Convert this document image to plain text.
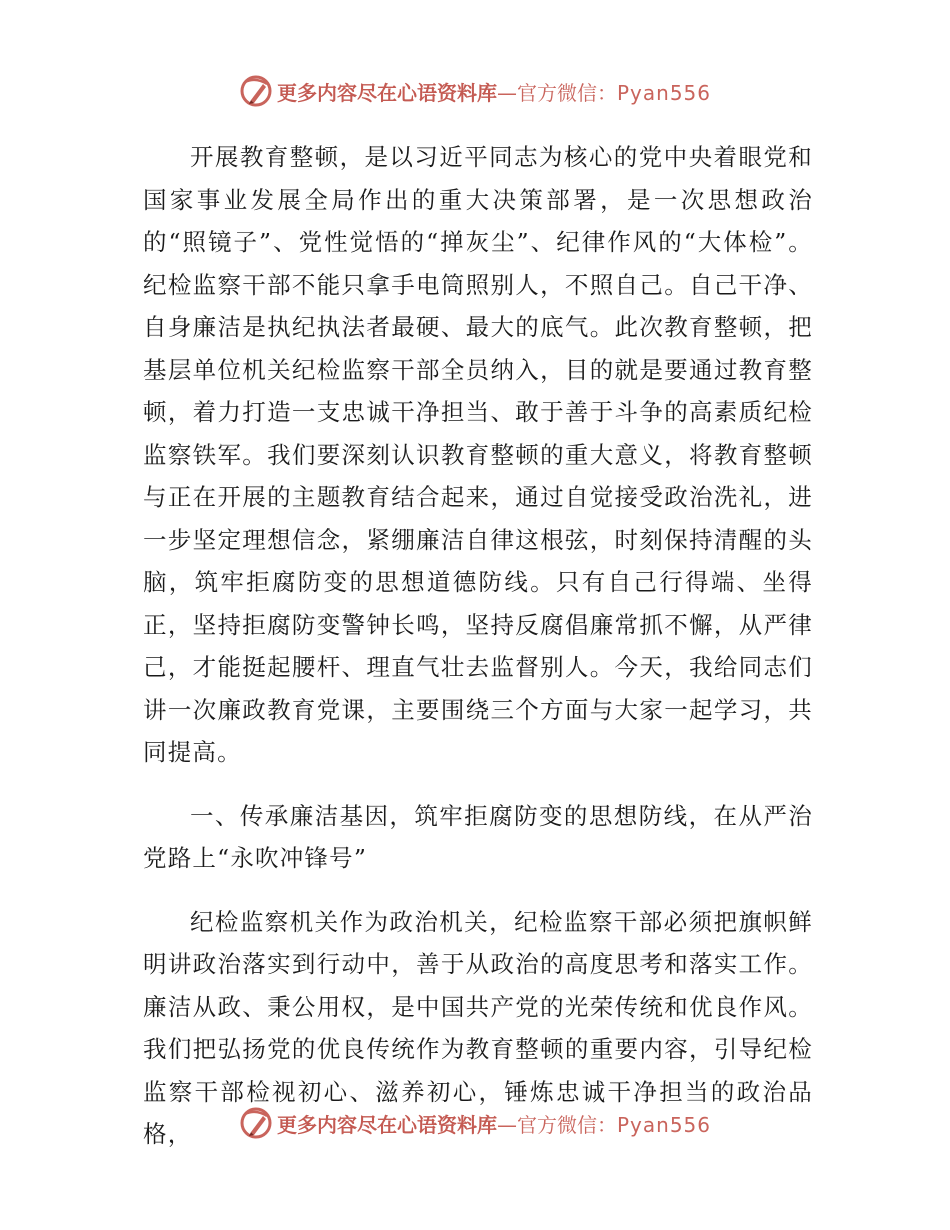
更多内容尽在心语资料库—官方微信：Pyan556

开展教育整顿，是以习近平同志为核心的党中央着眼党和国家事业发展全局作出的重大决策部署，是一次思想政治的“照镜子”、党性觉悟的“掸灰尘”、纪律作风的“大体检”。纪检监察干部不能只拿手电筒照别人，不照自己。自己干净、自身廉洁是执纪执法者最硬、最大的底气。此次教育整顿，把基层单位机关纪检监察干部全员纳入，目的就是要通过教育整顿，着力打造一支忠诚干净担当、敢于善于斗争的高素质纪检监察铁军。我们要深刻认识教育整顿的重大意义，将教育整顿与正在开展的主题教育结合起来，通过自觉接受政治洗礼，进一步坚定理想信念，紧绷廉洁自律这根弦，时刻保持清醒的头脑，筑牢拒腐防变的思想道德防线。只有自己行得端、坐得正，坚持拒腐防变警钟长鸣，坚持反腐倡廉常抓不懈，从严律己，才能挺起腰杆、理直气壮去监督别人。今天，我给同志们讲一次廉政教育党课，主要围绕三个方面与大家一起学习，共同提高。

一、传承廉洁基因，筑牢拒腐防变的思想防线，在从严治党路上“永吹冲锋号”

纪检监察机关作为政治机关，纪检监察干部必须把旗帜鲜明讲政治落实到行动中，善于从政治的高度思考和落实工作。廉洁从政、秉公用权，是中国共产党的光荣传统和优良作风。我们把弘扬党的优良传统作为教育整顿的重要内容，引导纪检监察干部检视初心、滋养初心，锤炼忠诚干净担当的政治品格，	更多内容尽在心语资料库—官方微信：Pyan556
